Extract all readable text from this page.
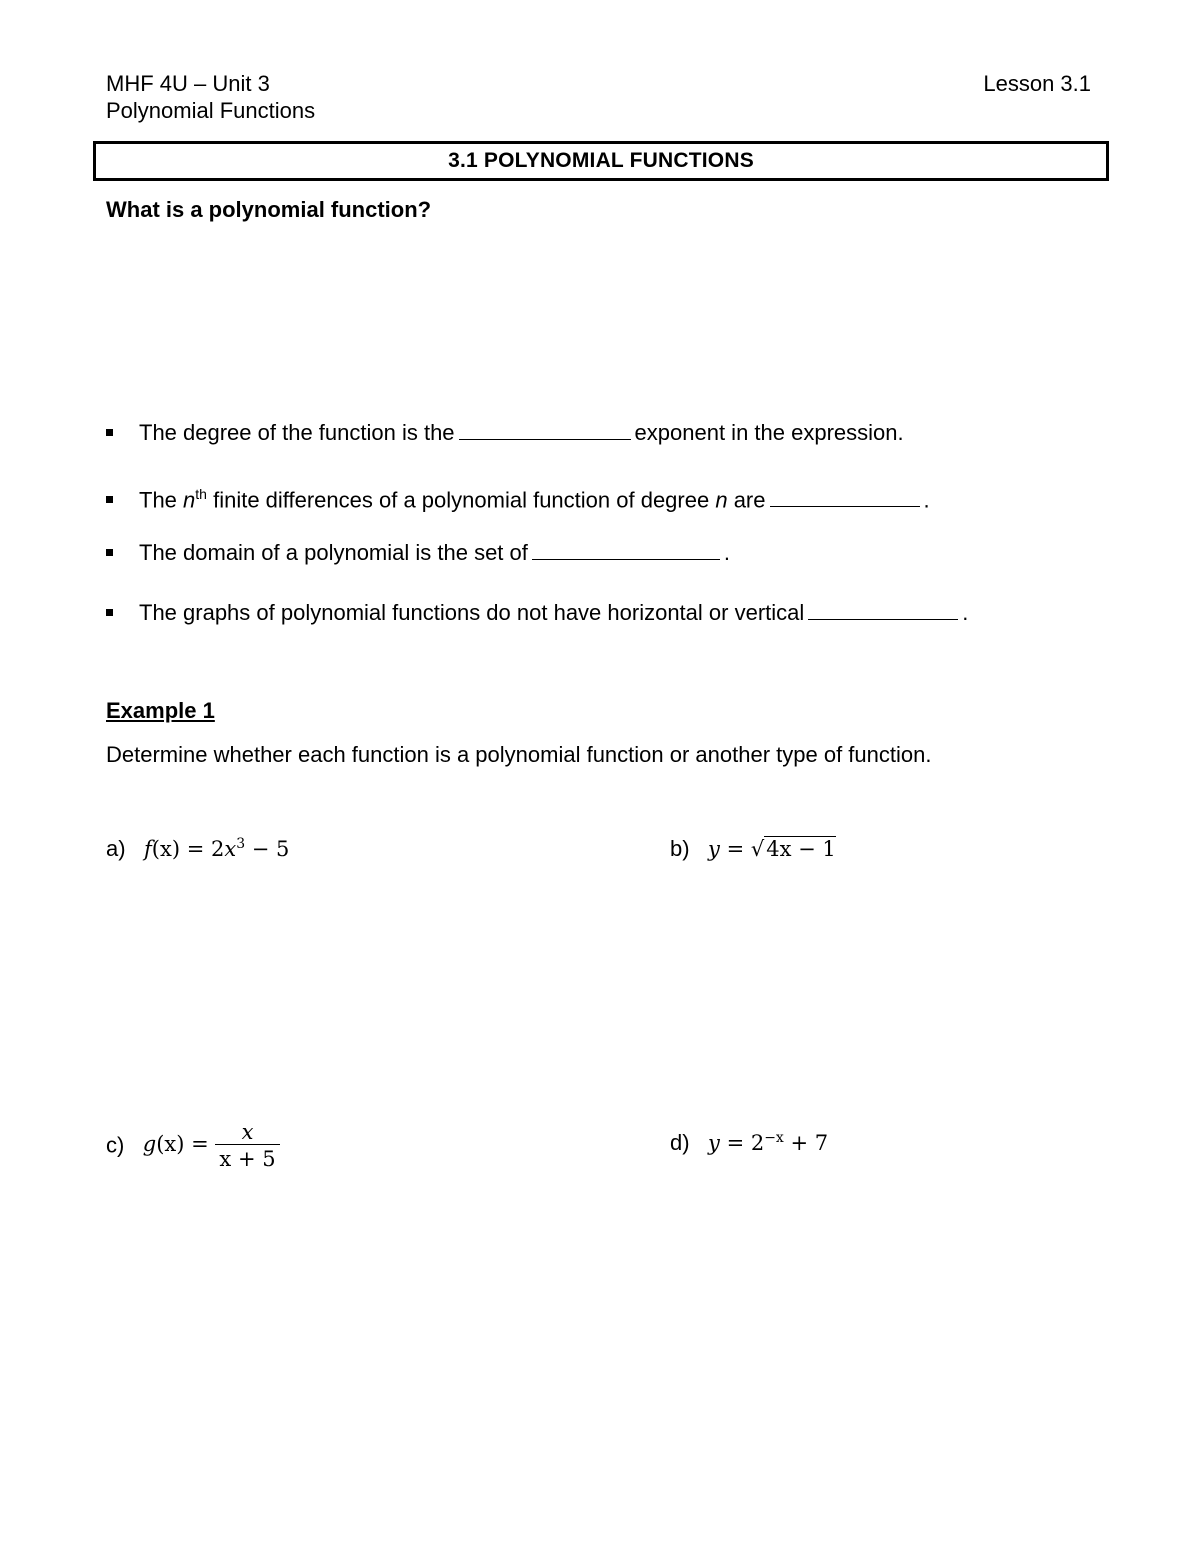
MHF 4U – Unit 3
Polynomial Functions
Lesson 3.1
3.1 POLYNOMIAL FUNCTIONS
What is a polynomial function?
The degree of the function is the	exponent in the expression.
The $n^{th}$ finite differences of a polynomial function of degree n are	.
The domain of a polynomial is the set of	.
The graphs of polynomial functions do not have horizontal or vertical	.
Example 1
Determine whether each function is a polynomial function or another type of function.
a) $f(x) = 2x^3 - 5$	b) y = √4x − 1
c) $g(x) = \frac{x}{x + 5}$	d) $y = 2^{-x} + 7$
